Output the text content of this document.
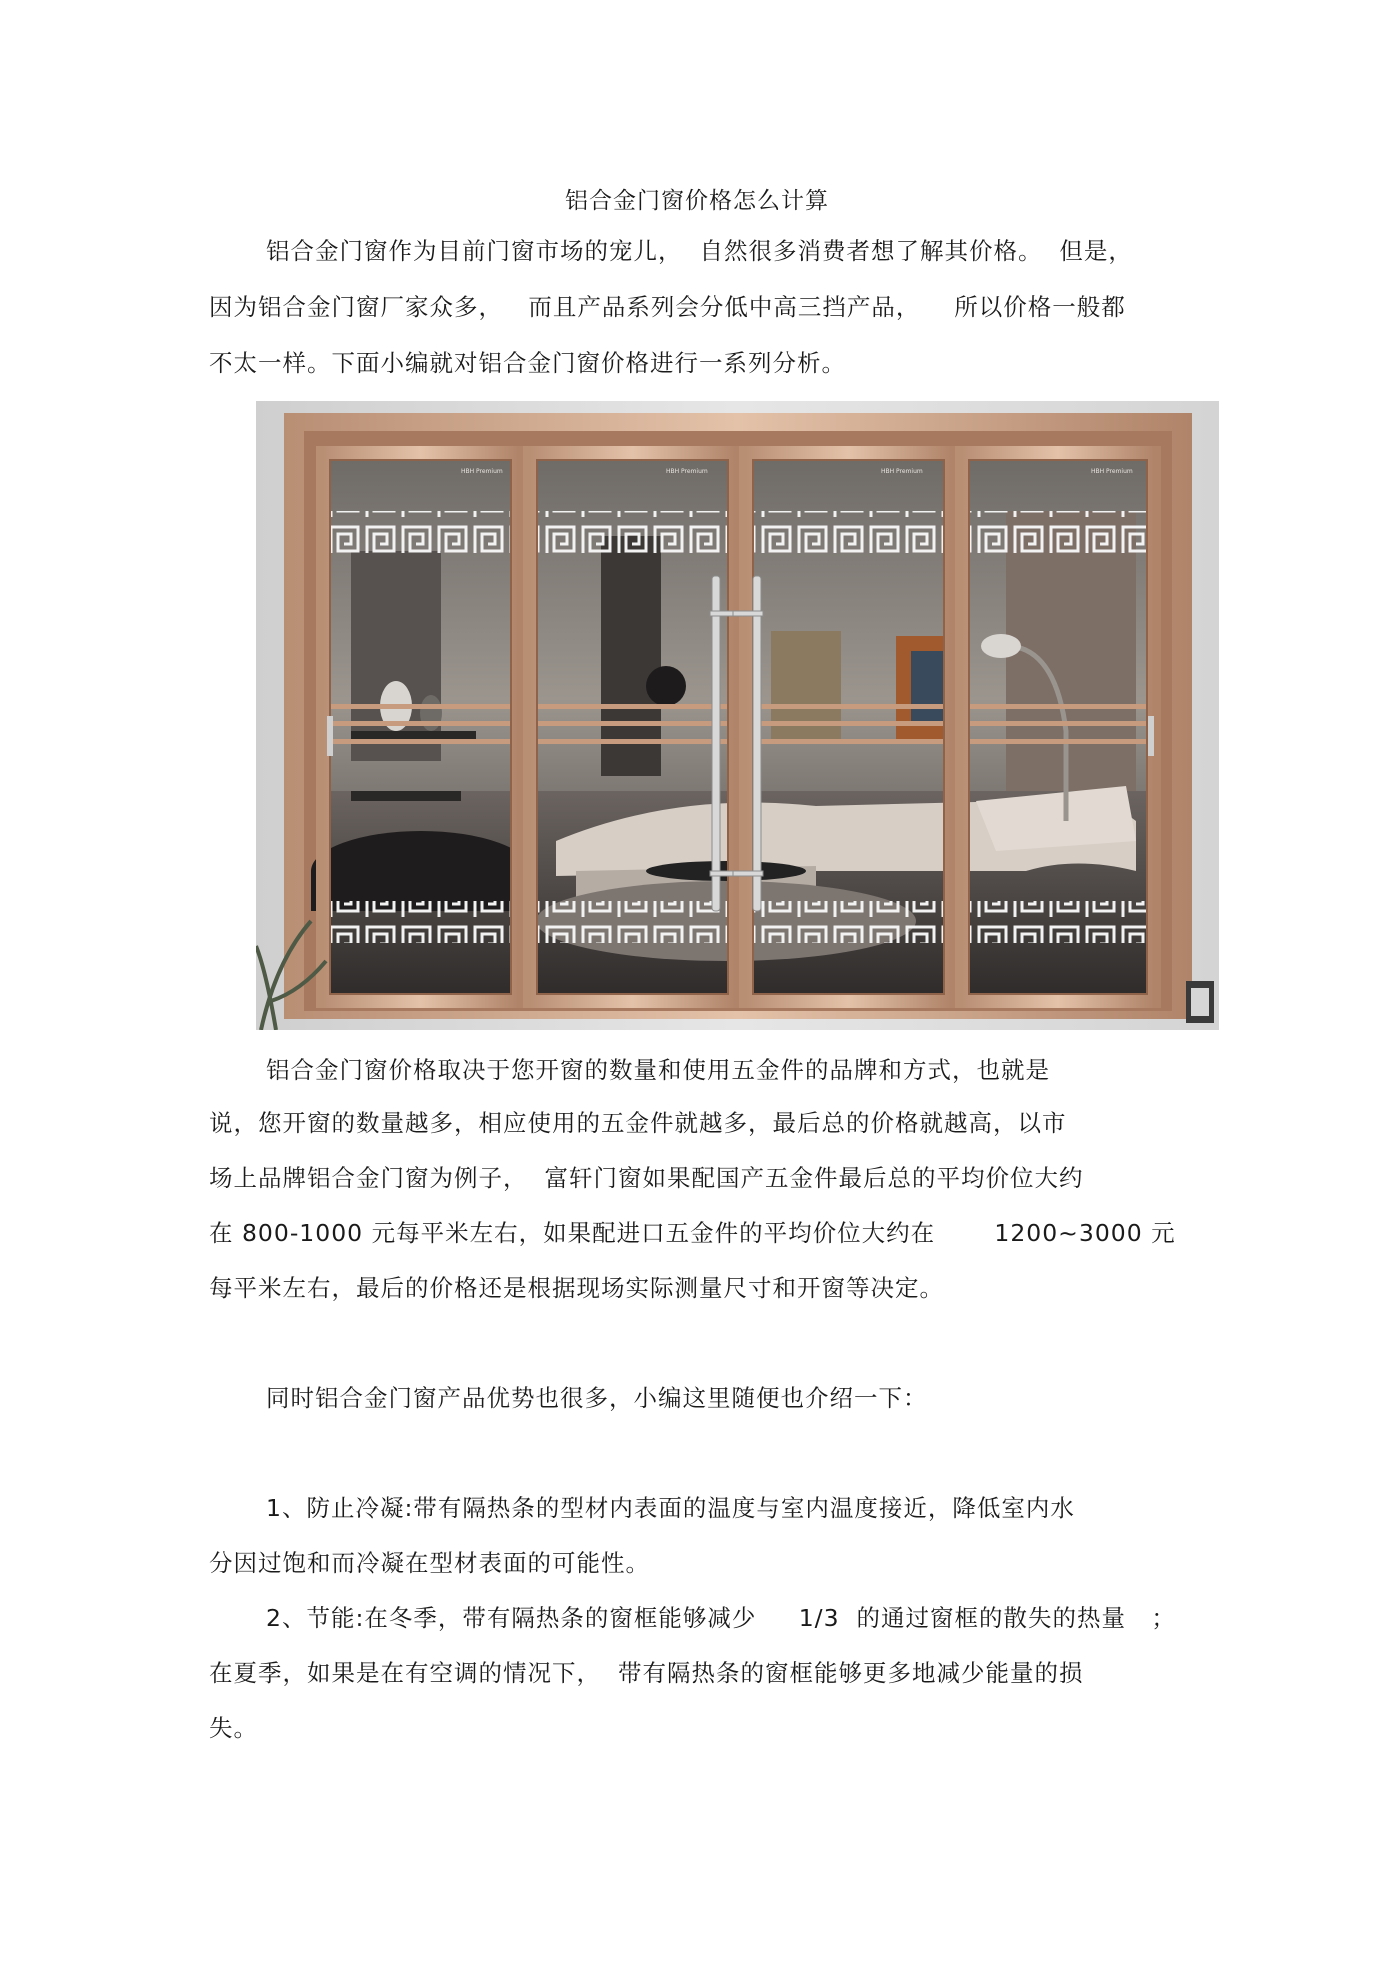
铝合金门窗价格怎么计算
铝合金门窗作为目前门窗市场的宠儿，  自然很多消费者想了解其价格。  但是，
因为铝合金门窗厂家众多，   而且产品系列会分低中高三挡产品，    所以价格一般都
不太一样。下面小编就对铝合金门窗价格进行一系列分析。
HBH Premium	HBH Premium	HBH Premium	HBH Premium
铝合金门窗价格取决于您开窗的数量和使用五金件的品牌和方式，也就是
说，您开窗的数量越多，相应使用的五金件就越多，最后总的价格就越高，以市
场上品牌铝合金门窗为例子，  富轩门窗如果配国产五金件最后总的平均价位大约
在 800-1000 元每平米左右，如果配进口五金件的平均价位大约在       1200~3000 元
每平米左右，最后的价格还是根据现场实际测量尺寸和开窗等决定。
同时铝合金门窗产品优势也很多，小编这里随便也介绍一下：
1、防止冷凝:带有隔热条的型材内表面的温度与室内温度接近，降低室内水
分因过饱和而冷凝在型材表面的可能性。
2、节能:在冬季，带有隔热条的窗框能够减少     1/3  的通过窗框的散失的热量   ；
在夏季，如果是在有空调的情况下，  带有隔热条的窗框能够更多地减少能量的损
失。
